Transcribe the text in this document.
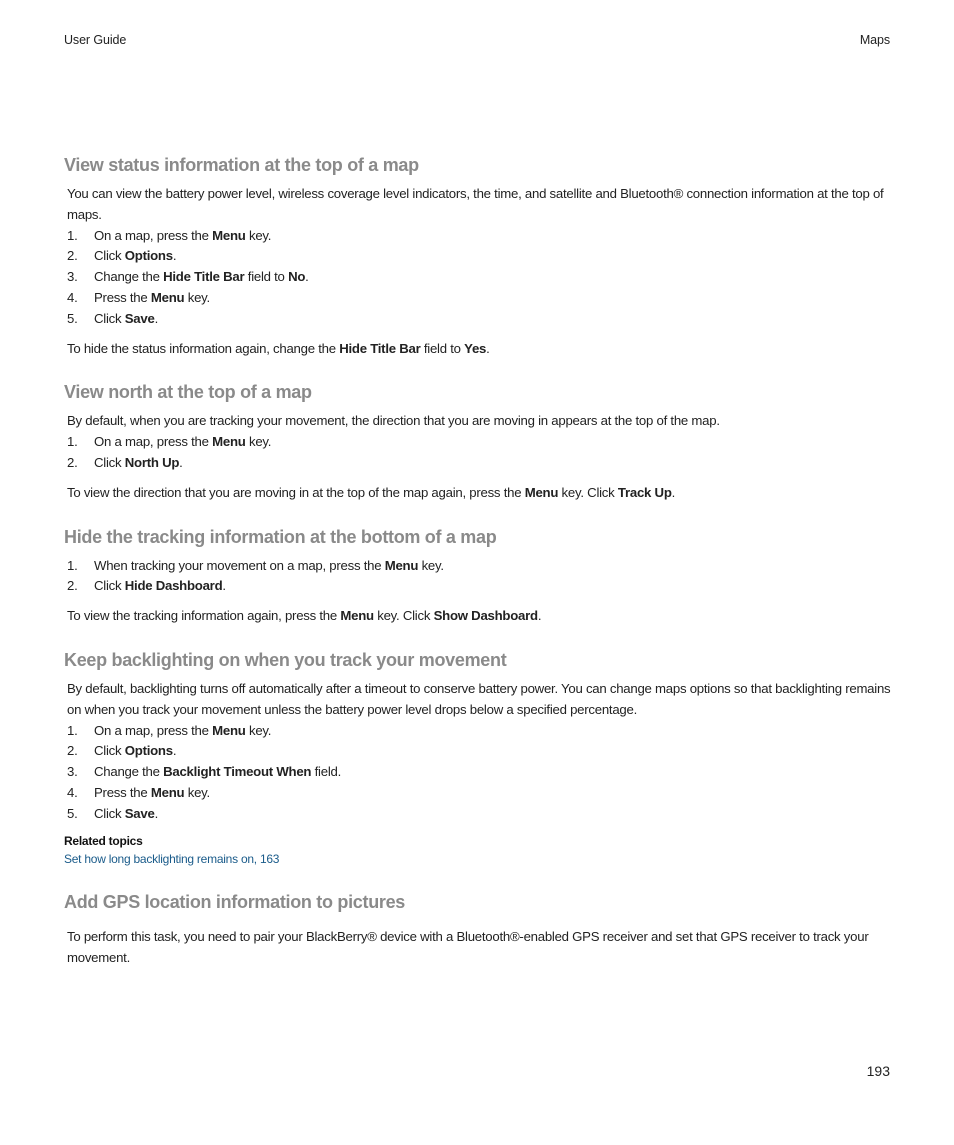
User Guide	Maps
View status information at the top of a map

You can view the battery power level, wireless coverage level indicators, the time, and satellite and Bluetooth® connection information at the top of maps.

1. On a map, press the Menu key.
2. Click Options.
3. Change the Hide Title Bar field to No.
4. Press the Menu key.
5. Click Save.

To hide the status information again, change the Hide Title Bar field to Yes.

View north at the top of a map

By default, when you are tracking your movement, the direction that you are moving in appears at the top of the map.

1. On a map, press the Menu key.
2. Click North Up.

To view the direction that you are moving in at the top of the map again, press the Menu key. Click Track Up.

Hide the tracking information at the bottom of a map
1. When tracking your movement on a map, press the Menu key.
2. Click Hide Dashboard.

To view the tracking information again, press the Menu key. Click Show Dashboard.

Keep backlighting on when you track your movement

By default, backlighting turns off automatically after a timeout to conserve battery power. You can change maps options so that backlighting remains on when you track your movement unless the battery power level drops below a specified percentage.

1. On a map, press the Menu key.
2. Click Options.
3. Change the Backlight Timeout When field.
4. Press the Menu key.
5. Click Save.
Related topics
Set how long backlighting remains on, 163
Add GPS location information to pictures

To perform this task, you need to pair your BlackBerry® device with a Bluetooth®-enabled GPS receiver and set that GPS receiver to track your movement.

193
